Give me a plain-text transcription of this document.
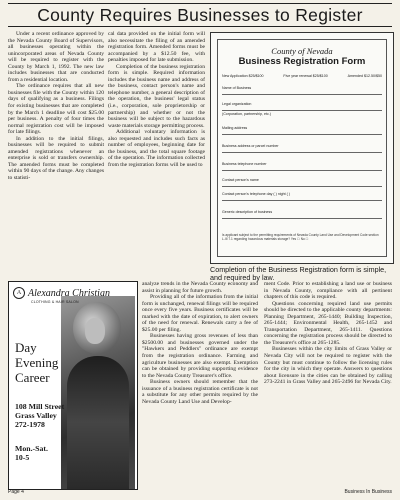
County Requires Businesses to Register

Under a recent ordinance approved by the Nevada County Board of Supervisors, all businesses operating within the unincorporated areas of Nevada County will be required to register with the County by March 1, 1992. The new law includes businesses that are conducted from a residential location.

The ordinance requires that all new businesses file with the County within 120 days of qualifying as a business. Filings for existing businesses that are completed by the March 1 deadline will cost $25.00 per business. A penalty of four times the normal registration cost will be imposed for late filings.

In addition to the initial filings, businesses will be required to submit amended registrations whenever an enterprise is sold or transfers ownership. The amended forms must be completed within 90 days of the change. Any changes to statisti-

cal data provided on the initial form will also necessitate the filing of an amended registration form. Amended forms must be accompanied by a $12.50 fee, with penalties imposed for late submission.

Completion of the business registration form is simple. Required information includes the business name and address of the business, contact person's name and telephone number, a general description of the operation, the business' legal status (i.e., corporation, sole proprietorship or partnership) and whether or not the business will be subject to the hazardous waste materials storage permitting process.

Additional voluntary information is also requested and includes such facts as number of employees, beginning date for the business, and the total square footage of the operation. The information collected from the registration forms will be used to

County of Nevada
Business Registration Form
New Application $25/$100	Five year renewal $25/$100	Amended $12.50/$50
Name of Business
Legal organization
(Corporation, partnership, etc.)
Mailing address
Business address or parcel number
Business telephone number
Contact person's name
Contact person's telephone day ( ) night ( )
Generic description of business
Is applicant subject to the permitting requirements of Nevada County Land Use and Development Code section L-III 7.1 regarding hazardous materials storage? Yes ☐ No ☐
Completion of the Business Registration form is simple, and required by law.
A Alexandra Christian
CLOTHING & HAIR SALON
Day
Evening
Career
108 Mill Street
Grass Valley
272-1978
Mon.-Sat.
10-5

analyze trends in the Nevada County economy and assist in planning for future growth.

Providing all of the information from the initial form is unchanged, renewal filings will be required once every five years. Business certificates will be marked with the date of expiration, to alert owners of the need for renewal. Renewals carry a fee of $25.00 per filing.

Businesses having gross revenues of less than $2500.00 and businesses governed under the "Hawkers and Peddlers" ordinance are exempt from the registration ordinance. Farming and agriculture businesses are also exempt. Exemption can be obtained by providing supporting evidence to the Nevada County Treasurer's office.

Business owners should remember that the issuance of a business registration certificate is not a substitute for any other permits required by the Nevada County Land Use and Develop-

ment Code. Prior to establishing a land use or business in Nevada County, compliance with all pertinent chapters of this code is required.

Questions concerning required land use permits should be directed to the applicable county departments: Planning Department, 265-1440; Building Inspection, 265-1444; Environmental Health, 265-1452 and Transportation Department, 265-1411. Questions concerning the registration process should be directed to the Treasurer's office at 265-1285.

Businesses within the city limits of Grass Valley or Nevada City will not be required to register with the County but must continue to follow the licensing rules for the city in which they operate. Answers to questions about licensure in the cities can be obtained by calling 273-2241 in Grass Valley and 265-2496 for Nevada City.

Page 4	Business In Business
